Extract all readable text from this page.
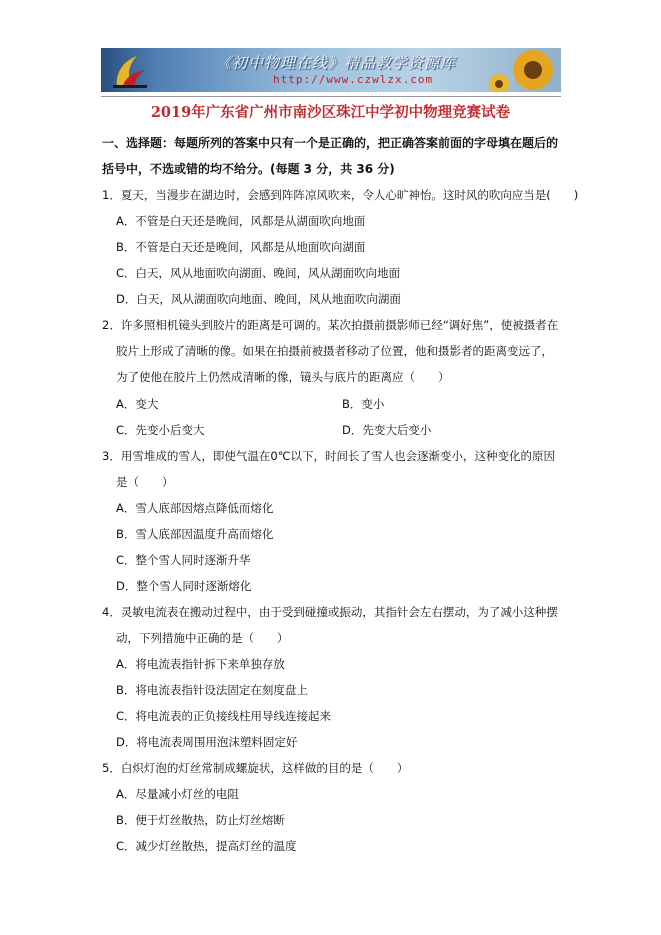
《初中物理在线》精品教学资源库
http://www.czwlzx.com
2019年广东省广州市南沙区珠江中学初中物理竞赛试卷
一、选择题：每题所列的答案中只有一个是正确的，把正确答案前面的字母填在题后的
括号中，不选或错的均不给分。(每题 3 分，共 36 分)
1．夏天，当漫步在湖边时，会感到阵阵凉风吹来，令人心旷神怡。这时风的吹向应当是(　　)
A．不管是白天还是晚间，风都是从湖面吹向地面
B．不管是白天还是晚间，风都是从地面吹向湖面
C．白天，风从地面吹向湖面、晚间，风从湖面吹向地面
D．白天，风从湖面吹向地面、晚间，风从地面吹向湖面
2．许多照相机镜头到胶片的距离是可调的。某次拍摄前摄影师已经“调好焦”，使被摄者在
胶片上形成了清晰的像。如果在拍摄前被摄者移动了位置，他和摄影者的距离变远了，
为了使他在胶片上仍然成清晰的像，镜头与底片的距离应（　　）
A．变大	B．变小
C．先变小后变大	D．先变大后变小
3．用雪堆成的雪人，即使气温在0℃以下，时间长了雪人也会逐渐变小，这种变化的原因
是（　　）
A．雪人底部因熔点降低而熔化
B．雪人底部因温度升高而熔化
C．整个雪人同时逐渐升华
D．整个雪人同时逐渐熔化
4．灵敏电流表在搬动过程中，由于受到碰撞或振动，其指针会左右摆动，为了减小这种摆
动，下列措施中正确的是（　　）
A．将电流表指针拆下来单独存放
B．将电流表指针设法固定在刻度盘上
C．将电流表的正负接线柱用导线连接起来
D．将电流表周围用泡沫塑料固定好
5．白炽灯泡的灯丝常制成螺旋状，这样做的目的是（　　）
A．尽量减小灯丝的电阻
B．便于灯丝散热，防止灯丝熔断
C．减少灯丝散热，提高灯丝的温度
